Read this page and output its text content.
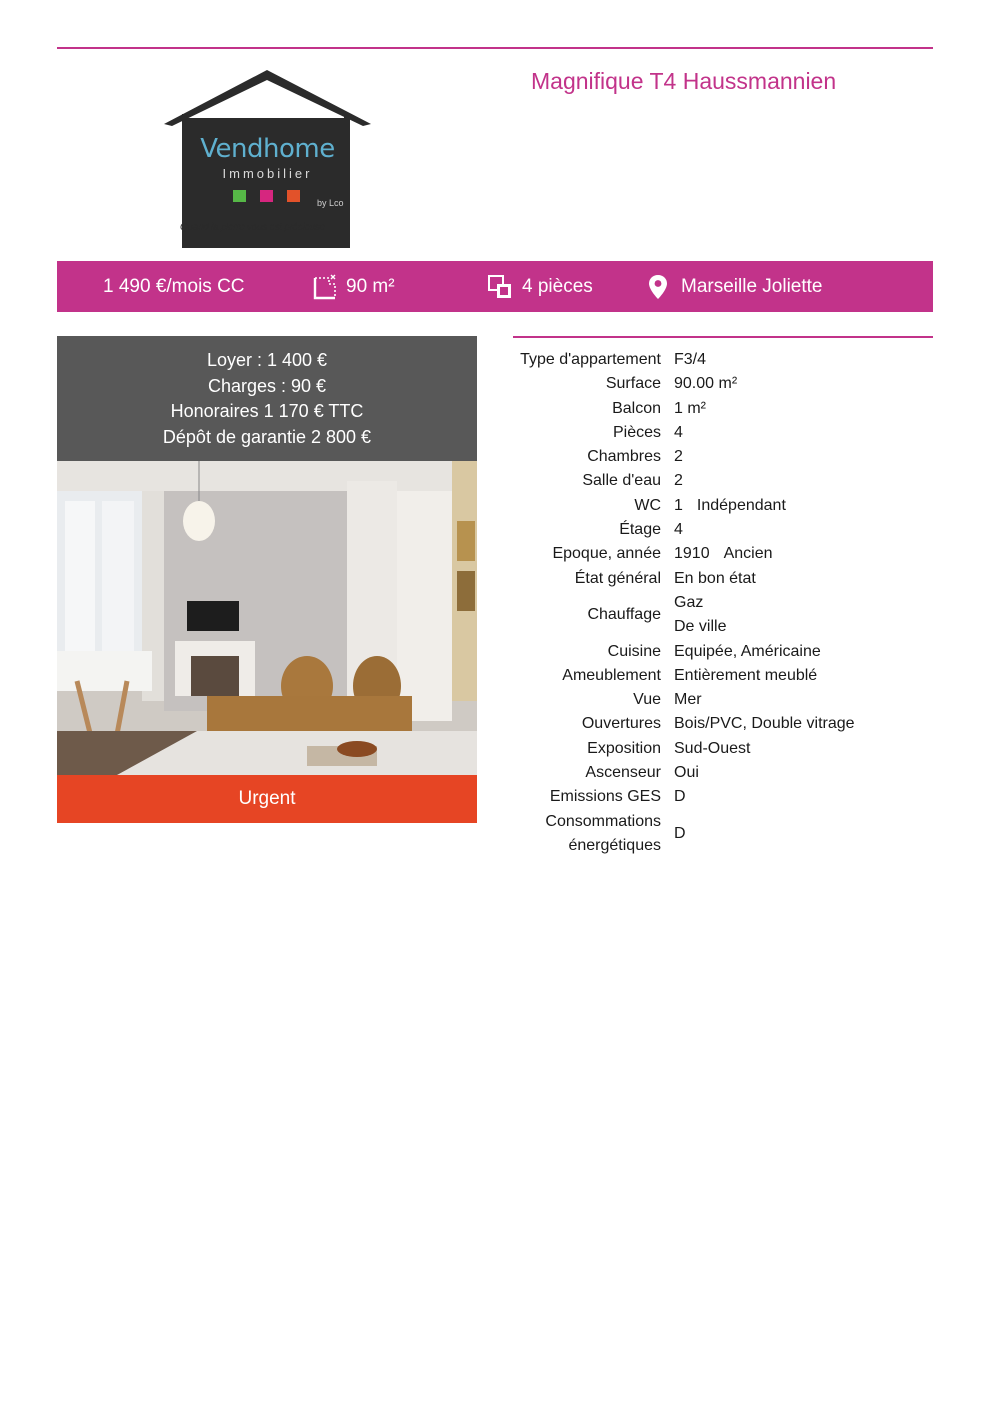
Vendhome
Immobilier
by Lco
Quand la pierre vous est précieuse
Magnifique T4 Haussmannien
1 490 €/mois CC	90 m²	4 pièces	Marseille Joliette
Loyer : 1 400 €
Charges : 90 €
Honoraires 1 170 € TTC
Dépôt de garantie 2 800 €
Urgent
Type d'appartement F3/4
Surface 90.00 m²
Balcon 1 m²
Pièces 4
Chambres 2
Salle d'eau 2
WC 1 Indépendant
Étage 4
Epoque, année 1910 Ancien
État général En bon état
Chauffage
Gaz
De ville
Cuisine Equipée, Américaine
Ameublement Entièrement meublé
Vue Mer
Ouvertures Bois/PVC, Double vitrage
Exposition Sud-Ouest
Ascenseur Oui
Emissions GES D
Consommations
énergétiques
D
